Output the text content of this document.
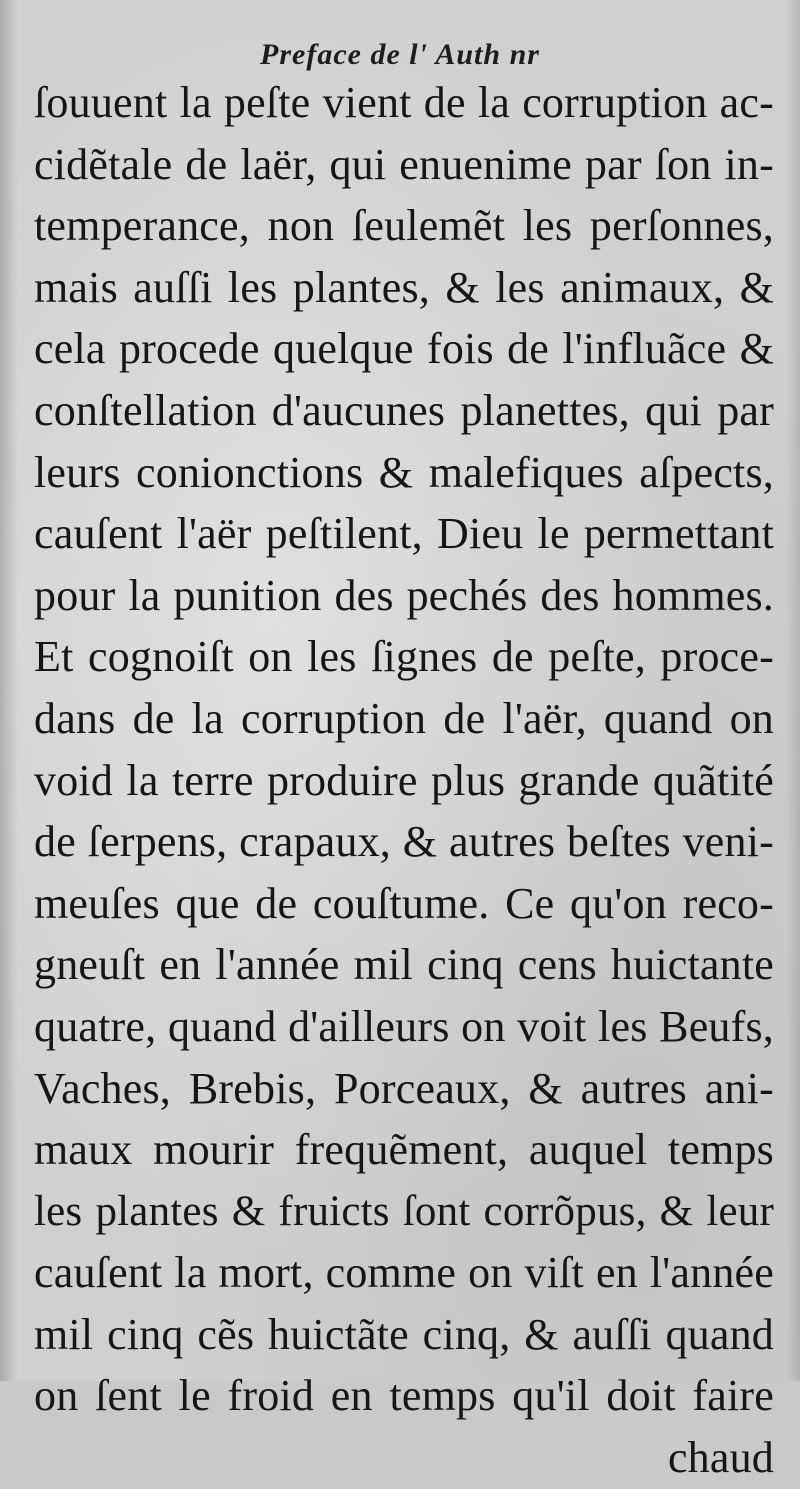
Preface de l' Auth nr
ſouuent la peſte vient de la corruption ac-
cidẽtale de laër, qui enuenime par ſon in-
temperance, non ſeulemẽt les perſonnes,
mais auſſi les plantes, & les animaux, &
cela procede quelque fois de l'influãce &
conſtellation d'aucunes planettes, qui par
leurs conionctions & malefiques aſpects,
cauſent l'aër peſtilent, Dieu le permettant
pour la punition des pechés des hommes.
Et cognoiſt on les ſignes de peſte, proce-
dans de la corruption de l'aër, quand on
void la terre produire plus grande quãtité
de ſerpens, crapaux, & autres beſtes veni-
meuſes que de couſtume. Ce qu'on reco-
gneuſt en l'année mil cinq cens huictante
quatre, quand d'ailleurs on voit les Beufs,
Vaches, Brebis, Porceaux, & autres ani-
maux mourir frequẽment, auquel temps
les plantes & fruicts ſont corrõpus, & leur
cauſent la mort, comme on viſt en l'année
mil cinq cẽs huictãte cinq, & auſſi quand
on ſent le froid en temps qu'il doit faire
chaud
